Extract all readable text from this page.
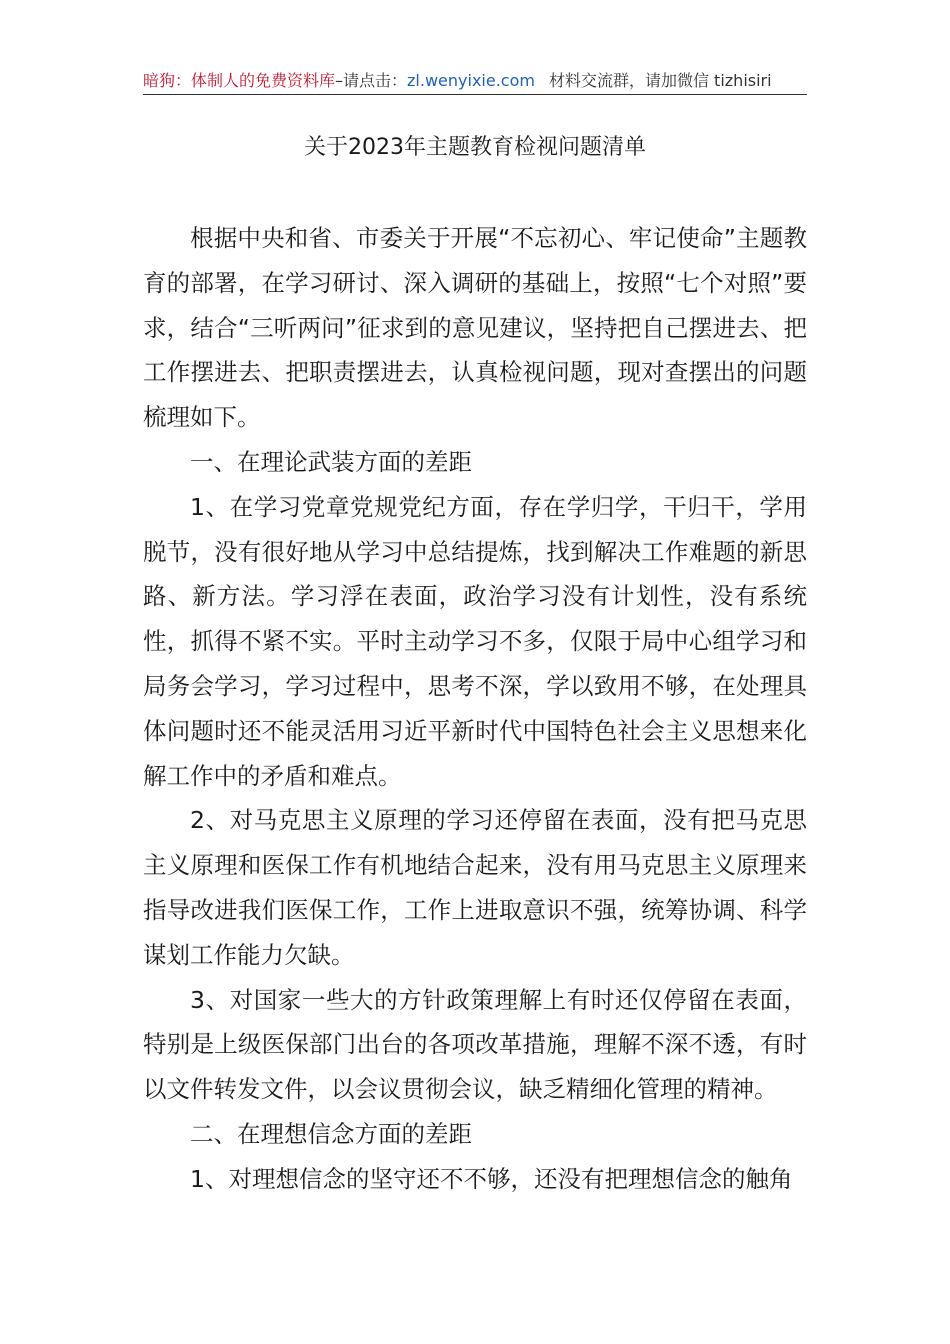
暗狗：体制人的免费资料库–请点击：zl.wenyixie.com 材料交流群，请加微信 tizhisiri
关于2023年主题教育检视问题清单

根据中央和省、市委关于开展“不忘初心、牢记使命”主题教育的部署，在学习研讨、深入调研的基础上，按照“七个对照”要求，结合“三听两问”征求到的意见建议，坚持把自己摆进去、把工作摆进去、把职责摆进去，认真检视问题，现对查摆出的问题梳理如下。

一、在理论武装方面的差距

1、在学习党章党规党纪方面，存在学归学，干归干，学用脱节，没有很好地从学习中总结提炼，找到解决工作难题的新思路、新方法。学习浮在表面，政治学习没有计划性，没有系统性，抓得不紧不实。平时主动学习不多，仅限于局中心组学习和局务会学习，学习过程中，思考不深，学以致用不够，在处理具体问题时还不能灵活用习近平新时代中国特色社会主义思想来化解工作中的矛盾和难点。

2、对马克思主义原理的学习还停留在表面，没有把马克思主义原理和医保工作有机地结合起来，没有用马克思主义原理来指导改进我们医保工作，工作上进取意识不强，统筹协调、科学谋划工作能力欠缺。

3、对国家一些大的方针政策理解上有时还仅停留在表面，特别是上级医保部门出台的各项改革措施，理解不深不透，有时以文件转发文件，以会议贯彻会议，缺乏精细化管理的精神。

二、在理想信念方面的差距

1、对理想信念的坚守还不不够，还没有把理想信念的触角
